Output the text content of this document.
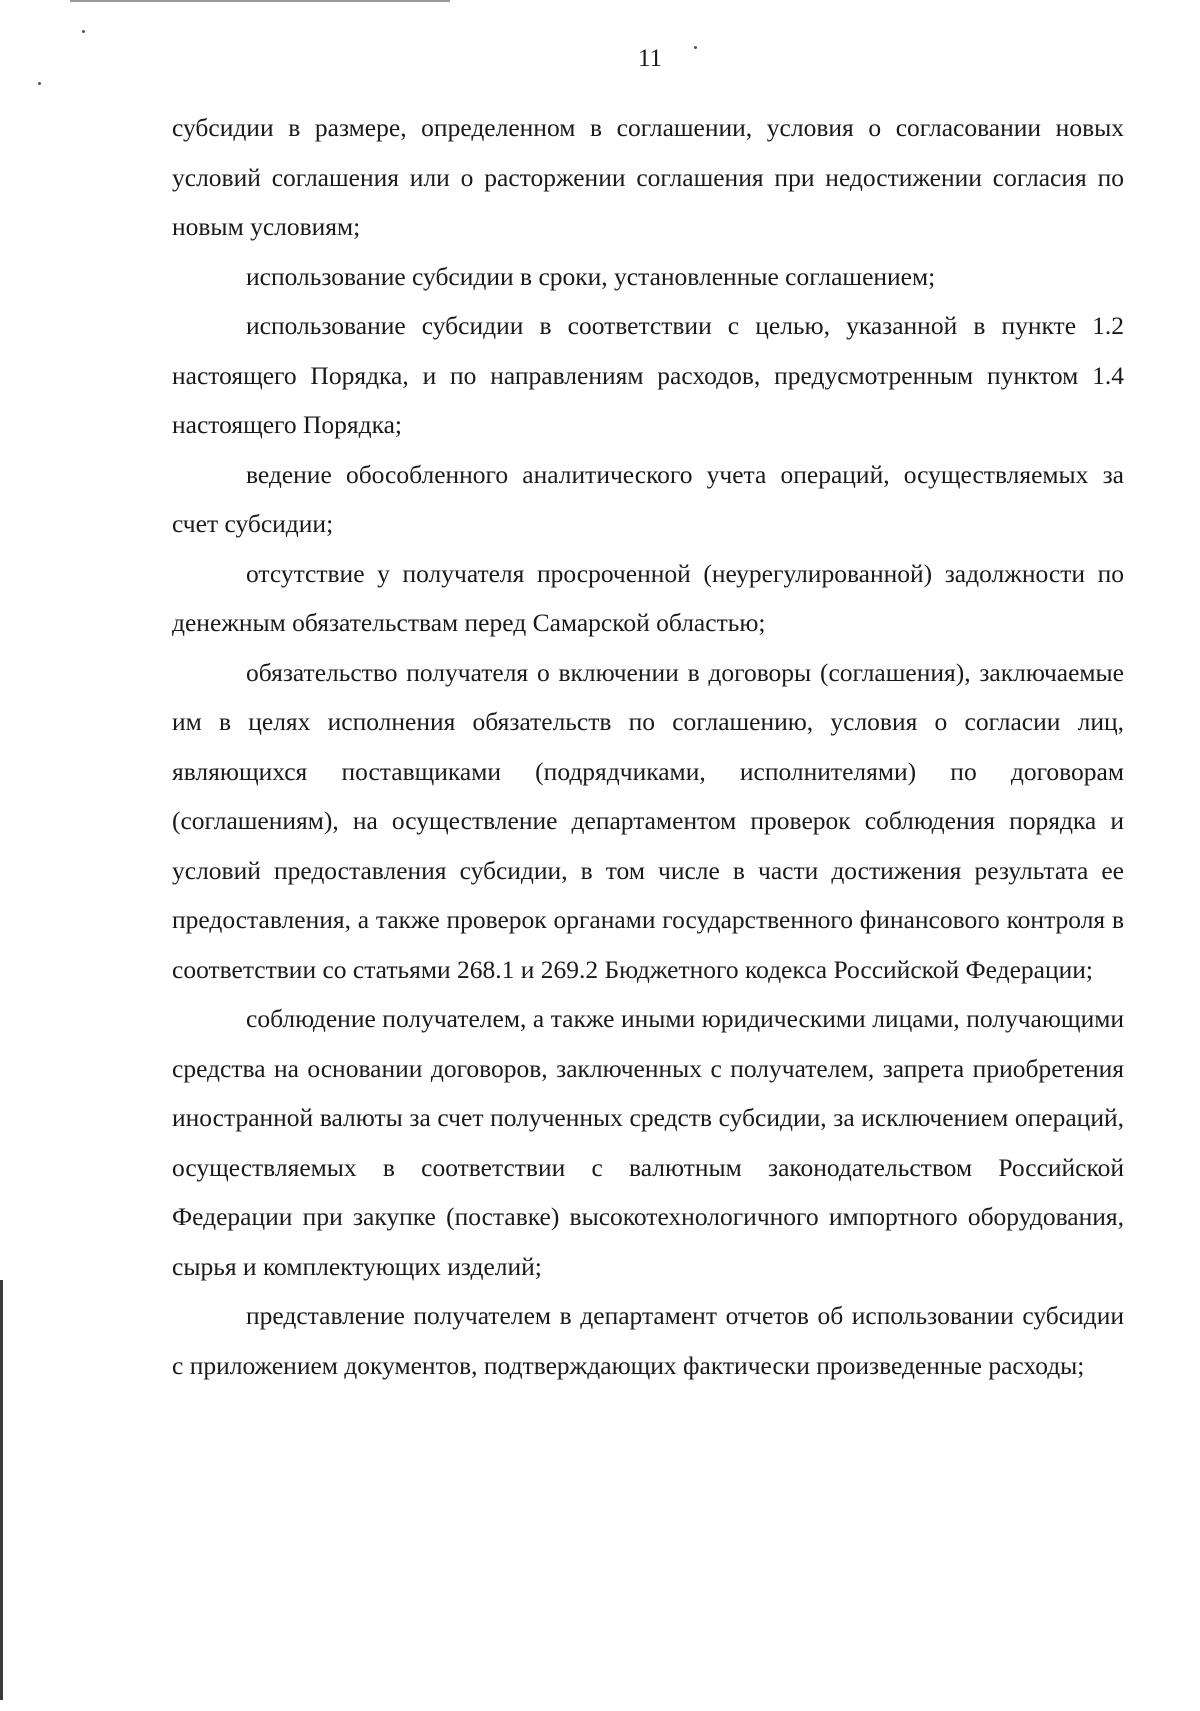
11

субсидии в размере, определенном в соглашении, условия о согласовании новых условий соглашения или о расторжении соглашения при недостижении согласия по новым условиям;

использование субсидии в сроки, установленные соглашением;

использование субсидии в соответствии с целью, указанной в пункте 1.2 настоящего Порядка, и по направлениям расходов, предусмотренным пунктом 1.4 настоящего Порядка;

ведение обособленного аналитического учета операций, осуществляемых за счет субсидии;

отсутствие у получателя просроченной (неурегулированной) задолжности по денежным обязательствам перед Самарской областью;

обязательство получателя о включении в договоры (соглашения), заключаемые им в целях исполнения обязательств по соглашению, условия о согласии лиц, являющихся поставщиками (подрядчиками, исполнителями) по договорам (соглашениям), на осуществление департаментом проверок соблюдения порядка и условий предоставления субсидии, в том числе в части достижения результата ее предоставления, а также проверок органами государственного финансового контроля в соответствии со статьями 268.1 и 269.2 Бюджетного кодекса Российской Федерации;

соблюдение получателем, а также иными юридическими лицами, получающими средства на основании договоров, заключенных с получателем, запрета приобретения иностранной валюты за счет полученных средств субсидии, за исключением операций, осуществляемых в соответствии с валютным законодательством Российской Федерации при закупке (поставке) высокотехнологичного импортного оборудования, сырья и комплектующих изделий;

представление получателем в департамент отчетов об использовании субсидии с приложением документов, подтверждающих фактически произведенные расходы;
